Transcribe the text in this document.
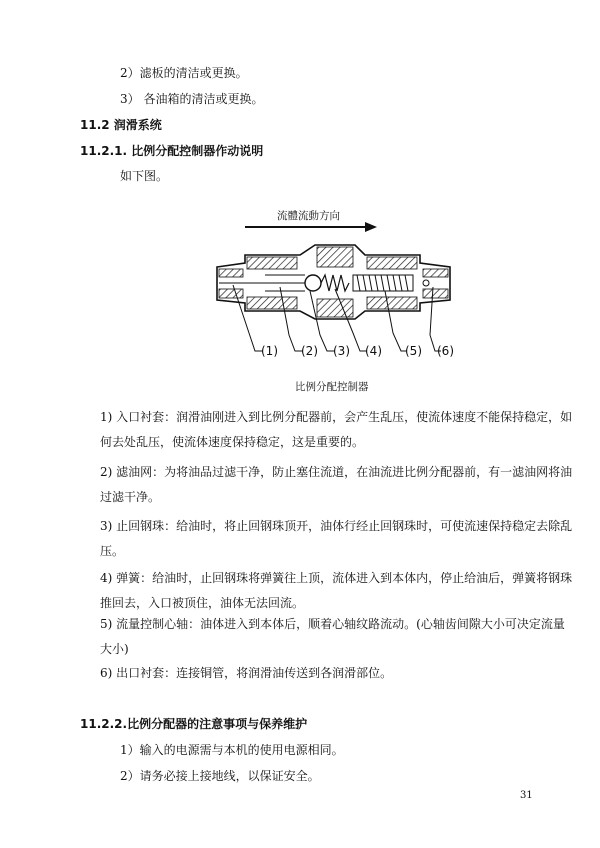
2）滤板的清洁或更换。
3） 各油箱的清洁或更换。
11.2 润滑系统
11.2.1. 比例分配控制器作动说明
如下图。
流體流動方向
(1) (2) (3) (4) (5) (6)
比例分配控制器
1) 入口衬套：润滑油刚进入到比例分配器前，会产生乱压，使流体速度不能保持稳定，如何去处乱压，使流体速度保持稳定，这是重要的。
2) 滤油网：为将油品过滤干净，防止塞住流道，在油流进比例分配器前，有一滤油网将油过滤干净。
3) 止回钢珠：给油时，将止回钢珠顶开，油体行经止回钢珠时，可使流速保持稳定去除乱压。
4) 弹簧：给油时，止回钢珠将弹簧往上顶，流体进入到本体内，停止给油后，弹簧将钢珠推回去，入口被顶住，油体无法回流。
5) 流量控制心轴：油体进入到本体后，顺着心轴纹路流动。(心轴齿间隙大小可决定流量大小)
6) 出口衬套：连接铜管，将润滑油传送到各润滑部位。
11.2.2.比例分配器的注意事项与保养维护
1）输入的电源需与本机的使用电源相同。
2）请务必接上接地线，以保证安全。
31
